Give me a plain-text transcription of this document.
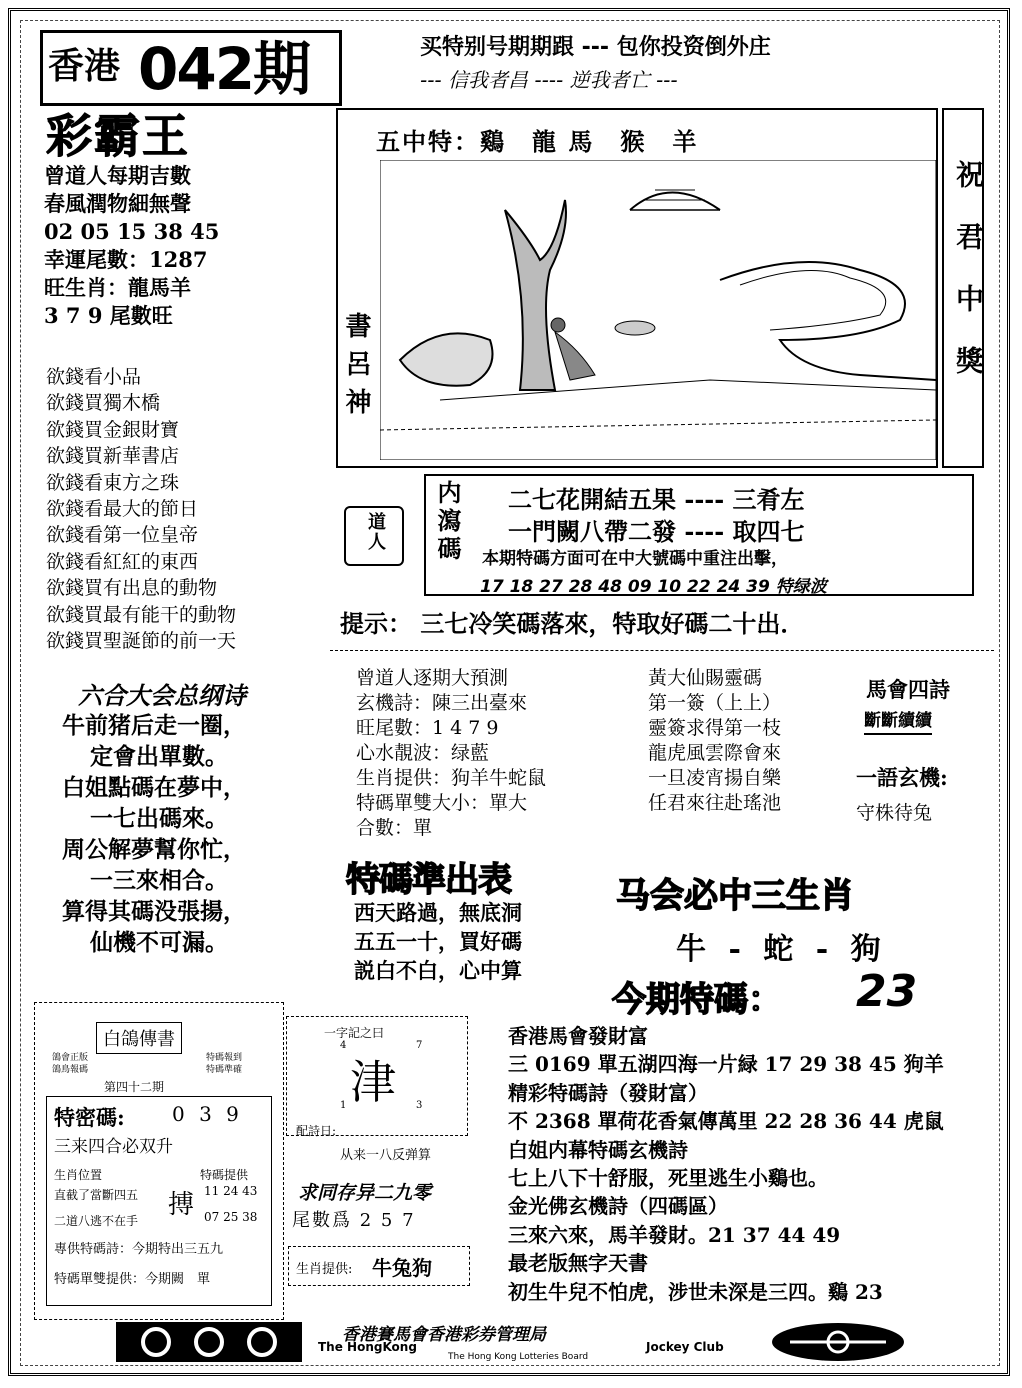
香港 042期
彩霸王
买特别号期期跟 --- 包你投资倒外庄
--- 信我者昌 ---- 逆我者亡 ---
曾道人每期吉數
春風潤物細無聲
02 05 15 38 45
幸運尾數：1287
旺生肖：龍馬羊
3 7 9 尾數旺
欲錢看小品
欲錢買獨木橋
欲錢買金銀財寶
欲錢買新華書店
欲錢看東方之珠
欲錢看最大的節日
欲錢看第一位皇帝
欲錢看紅紅的東西
欲錢買有出息的動物
欲錢買最有能干的動物
欲錢買聖誕節的前一天
五中特：鷄　龍 馬　猴　羊
書呂神	祝君中獎
内瀉碼 二七花開結五果 ---- 三肴左
一門闕八帶二發 ---- 取四七
本期特碼方面可在中大號碼中重注出擊，
17 18 27 28 48 09 10 22 24 39 特绿波
道人
提示： 三七冷笑碼落來，特取好碼二十出．
六合大会总纲诗
牛前猪后走一圈，
定會出單數。
白姐點碼在夢中，
一七出碼來。
周公解夢幫你忙，
一三來相合。
算得其碼没張揚，
仙機不可漏。
曾道人逐期大預測
玄機詩：陳三出臺來
旺尾數：1 4 7 9
心水靚波：绿藍
生肖提供：狗羊牛蛇鼠
特碼單雙大小：單大
合數：單
黃大仙賜靈碼
第一簽（上上）
靈簽求得第一枝
龍虎風雲際會來
一旦凌宵揚自樂
任君來往赴瑤池
馬會四詩
斷斷續續
一語玄機:
守株待兔
特碼準出表
西天路過，無底洞
五五一十，買好碼
説白不白，心中算
马会必中三生肖
牛 - 蛇 - 狗
今期特碼： 23
白鴿傳書
鴿會正版 鴿鳥報碼
特碼報到 特碼準確
第四十二期
特密碼: 0 3 9
三来四合必双升
生肖位置
直截了當斷四五
二道八逃不在手
特碼提供
搏 11 24 43
07 25 38
專供特碼詩：今期特出三五九
特碼單雙提供：今期闕　單
一字記之曰
4	7
津
1	3
配詩日:
从来一八反弹算
求同存异二九零
尾數爲 2 5 7
生肖提供: 牛兔狗
香港馬會發財富
三 0169 單五湖四海一片緑 17 29 38 45 狗羊
精彩特碼詩（發財富）
不 2368 單荷花香氣傳萬里 22 28 36 44 虎鼠
白姐内幕特碼玄機詩
七上八下十舒服，死里逃生小鷄也。
金光佛玄機詩（四碼區）
三來六來，馬羊發財。21 37 44 49
最老版無字天書
初生牛兒不怕虎，涉世未深是三四。鷄 23
香港賽馬會香港彩券管理局
The HongKong	Jockey Club
The Hong Kong Lotteries Board
